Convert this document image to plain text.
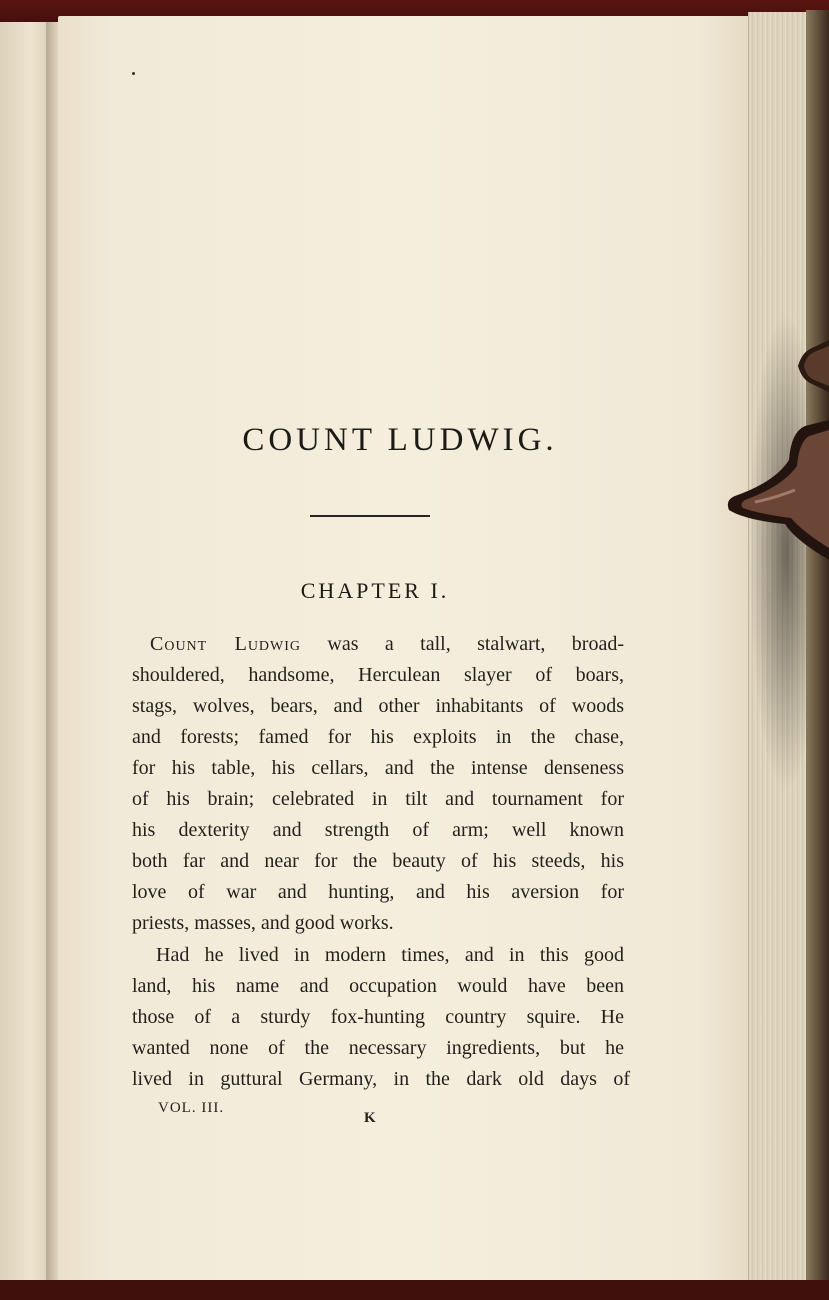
COUNT LUDWIG.
CHAPTER I.
Count Ludwig was a tall, stalwart, broad-
shouldered, handsome, Herculean slayer of boars,
stags, wolves, bears, and other inhabitants of woods
and forests; famed for his exploits in the chase,
for his table, his cellars, and the intense denseness
of his brain; celebrated in tilt and tournament for
his dexterity and strength of arm; well known
both far and near for the beauty of his steeds, his
love of war and hunting, and his aversion for
priests, masses, and good works.
Had he lived in modern times, and in this good
land, his name and occupation would have been
those of a sturdy fox-hunting country squire. He
wanted none of the necessary ingredients, but he
lived in guttural Germany, in the dark old days of
VOL. III.
K
